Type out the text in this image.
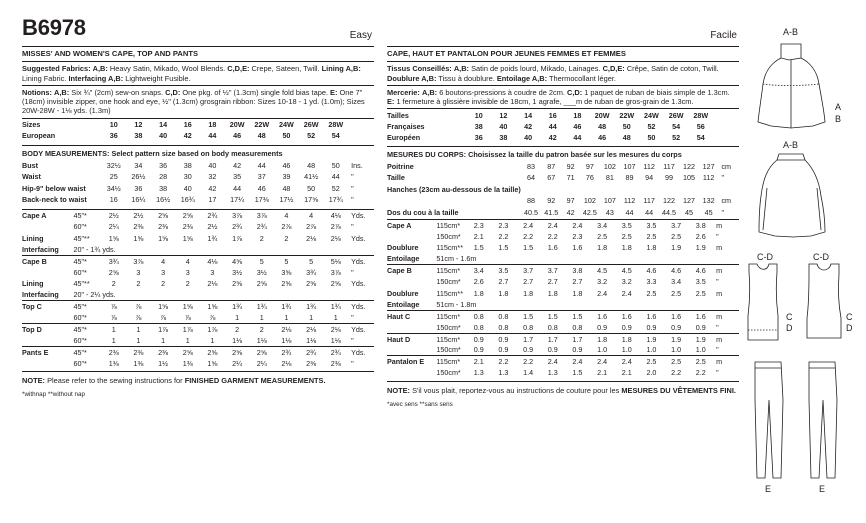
B6978	Easy
MISSES' AND WOMEN'S CAPE, TOP AND PANTS
Suggested Fabrics: A,B: Heavy Satin, Mikado, Wool Blends. C,D,E: Crepe, Sateen, Twill. Lining A,B: Lining Fabric. Interfacing A,B: Lightweight Fusible.
Notions: A,B: Six ¾" (2cm) sew-on snaps. C,D: One pkg. of ½" (1.3cm) single fold bias tape. E: One 7" (18cm) invisible zipper, one hook and eye, ½" (1.3cm) grosgrain ribbon: Sizes 10-18 - 1 yd. (1.0m); Sizes 20W-28W - 1⅛ yds. (1.3m)
Sizes	10	12	14	16	18	20W	22W	24W	26W	28W	
European	36	38	40	42	44	46	48	50	52	54	
BODY MEASUREMENTS: Select pattern size based on body measurements
Bust	32½	34	36	38	40	42	44	46	48	50	Ins.
Waist	25	26½	28	30	32	35	37	39	41½	44	"
Hip-9" below waist	34½	36	38	40	42	44	46	48	50	52	"
Back-neck to waist	16	16¼	16½	16¾	17	17¼	17⅜	17½	17⅝	17¾	"
Cape A	45"*	2½	2½	2⅝	2⅝	2¾	3⅞	3⅞	4	4	4⅛	Yds.
	60"*	2¼	2⅜	2⅜	2⅜	2½	2¾	2¾	2⅞	2⅞	2⅞	"
Lining	45"**	1⅝	1⅝	1⅝	1⅝	1¾	1⅞	2	2	2⅛	2⅛	Yds.
Interfacing	20" - 1¾ yds.											
Cape B	45"*	3¾	3⅞	4	4	4⅛	4⅝	5	5	5	5⅛	Yds.
	60"*	2⅝	3	3	3	3	3½	3½	3⅝	3¾	3⅞	"
Lining	45"**	2	2	2	2	2⅛	2⅝	2⅝	2⅝	2⅝	2⅝	Yds.
Interfacing	20" - 2¼ yds.											
Top C	45"*	⅞	⅞	1⅝	1⅝	1⅝	1¾	1¾	1¾	1¾	1¾	Yds.
	60"*	⅞	⅞	⅞	⅞	⅞	1	1	1	1	1	"
Top D	45"*	1	1	1⅞	1⅞	1⅞	2	2	2⅛	2⅛	2⅛	Yds.
	60"*	1	1	1	1	1	1⅛	1⅛	1⅛	1⅛	1⅛	"
Pants E	45"*	2⅜	2⅜	2⅜	2⅝	2⅝	2⅝	2⅝	2¾	2¾	2¾	Yds.
	60"*	1⅜	1⅜	1½	1⅜	1⅝	2¼	2¼	2⅛	2⅜	2⅜	"
NOTE: Please refer to the sewing instructions for FINISHED GARMENT MEASUREMENTS.
*withnap **without nap
Facile
CAPE, HAUT ET PANTALON POUR JEUNES FEMMES ET FEMMES
Tissus Conseillés: A,B: Satin de poids lourd, Mikado, Lainages. C,D,E: Crêpe, Satin de coton, Twill.
Doublure A,B: Tissu à doublure. Entoilage A,B: Thermocollant léger.
Mercerie: A,B: 6 boutons-pressions à coudre de 2cm. C,D: 1 paquet de ruban de biais simple de 1.3cm. E: 1 fermeture à glissière invisible de 18cm, 1 agrafe, ___m de ruban de gros-grain de 1.3cm.
Tailles	10	12	14	16	18	20W	22W	24W	26W	28W	
Françaises	38	40	42	44	46	48	50	52	54	56	
Européen	36	38	40	42	44	46	48	50	52	54	
MESURES DU CORPS: Choisissez la taille du patron basée sur les mesures du corps
Poitrine	83	87	92	97	102	107	112	117	122	127	cm
Taille	64	67	71	76	81	89	94	99	105	112	"
Hanches (23cm au-dessous de la taille)											
	88	92	97	102	107	112	117	122	127	132	cm
Dos du cou à la taille	40.5	41.5	42	42.5	43	44	44	44.5	45	45	"
Cape A	115cm*	2.3	2.3	2.4	2.4	2.4	3.4	3.5	3.5	3.7	3.8	m
	150cm*	2.1	2.2	2.2	2.2	2.3	2.5	2.5	2.5	2.5	2.6	"
Doublure	115cm**	1.5	1.5	1.5	1.6	1.6	1.8	1.8	1.8	1.9	1.9	m
Entoilage	51cm - 1.6m											
Cape B	115cm*	3.4	3.5	3.7	3.7	3.8	4.5	4.5	4.6	4.6	4.6	m
	150cm*	2.6	2.7	2.7	2.7	2.7	3.2	3.2	3.3	3.4	3.5	"
Doublure	115cm**	1.8	1.8	1.8	1.8	1.8	2.4	2.4	2.5	2.5	2.5	m
Entoilage	51cm - 1.8m											
Haut C	115cm*	0.8	0.8	1.5	1.5	1.5	1.6	1.6	1.6	1.6	1.6	m
	150cm*	0.8	0.8	0.8	0.8	0.8	0.9	0.9	0.9	0.9	0.9	"
Haut D	115cm*	0.9	0.9	1.7	1.7	1.7	1.8	1.8	1.9	1.9	1.9	m
	150cm*	0.9	0.9	0.9	0.9	0.9	1.0	1.0	1.0	1.0	1.0	"
Pantalon E	115cm*	2.1	2.2	2.2	2.4	2.4	2.4	2.4	2.5	2.5	2.5	m
	150cm*	1.3	1.3	1.4	1.3	1.5	2.1	2.1	2.0	2.2	2.2	"
NOTE: S'il vous plait, reportez-vous au instructions de couture pour les MESURES DU VÊTEMENTS FINI.
*avec sens **sans sens
A-B
A
B
A-B
C-D	C-D
C
D
C
D
E	E
